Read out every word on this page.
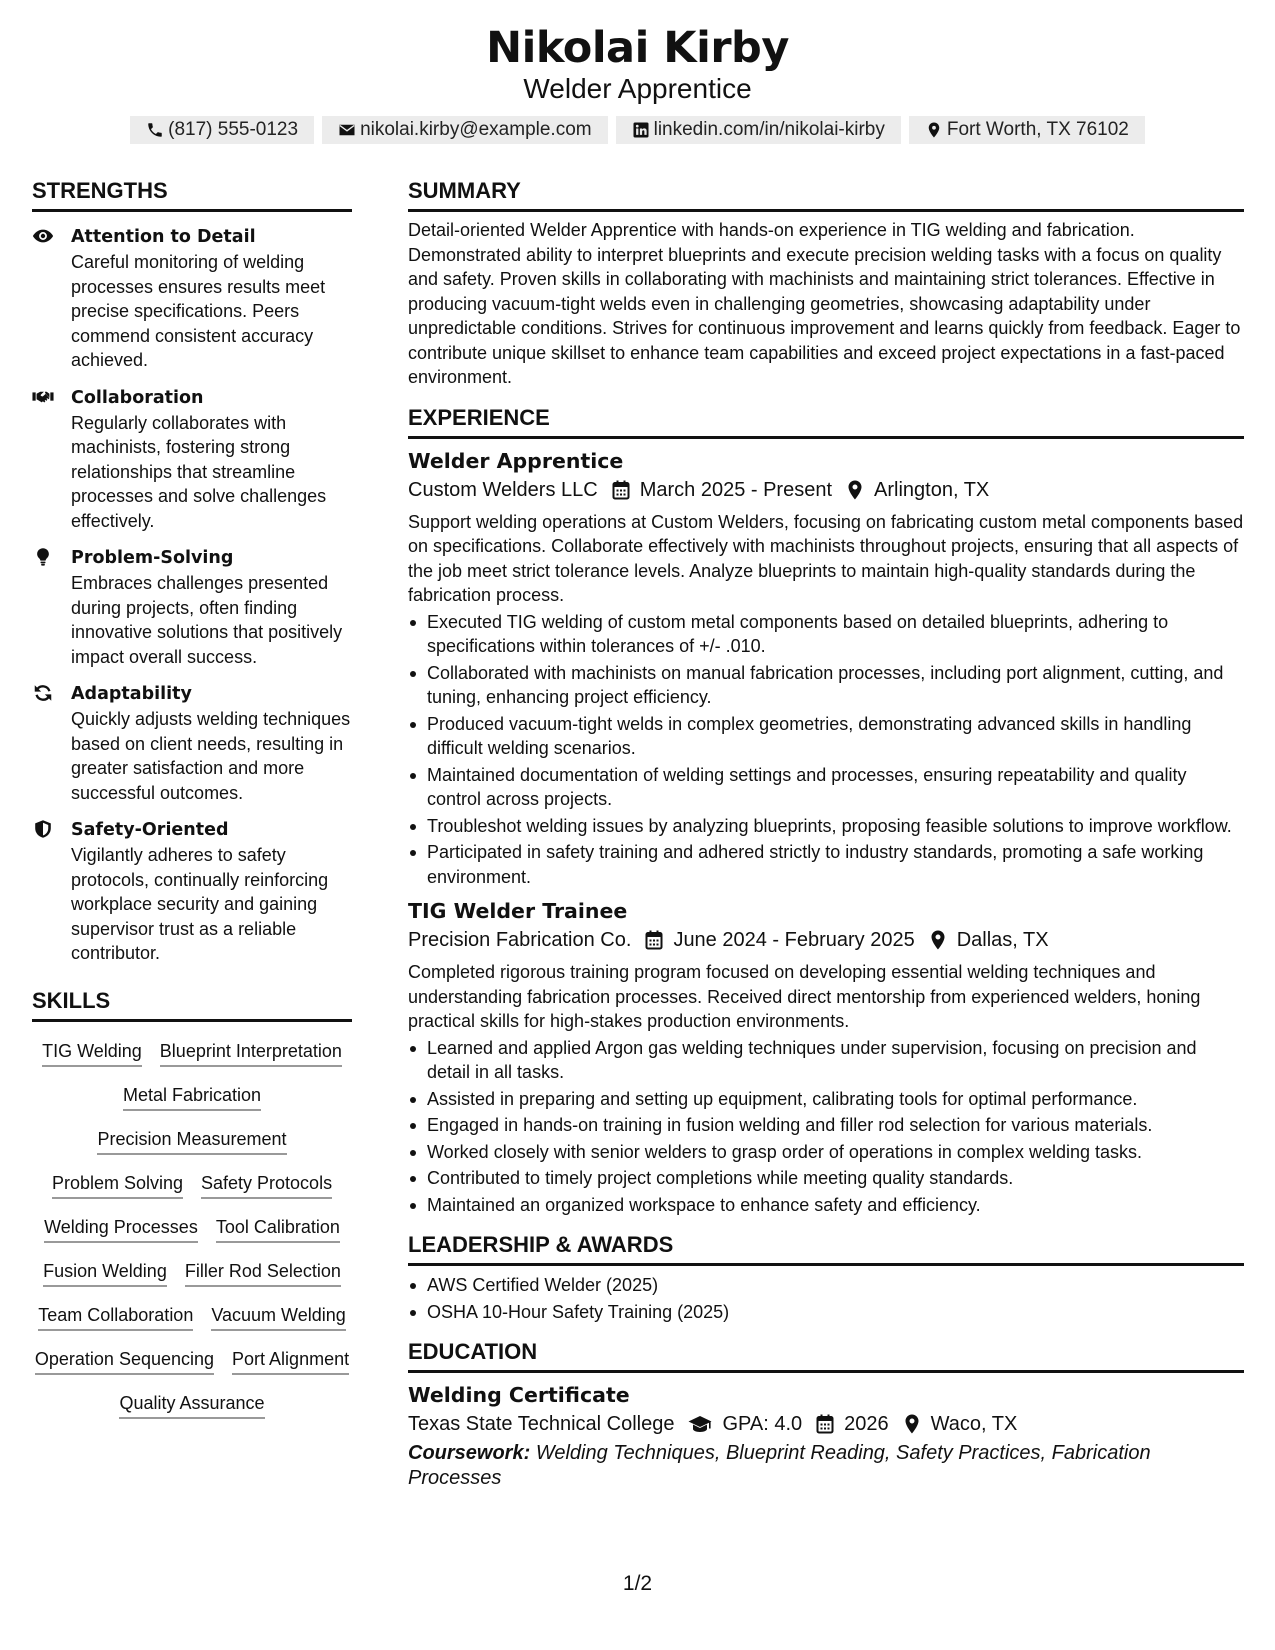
Nikolai Kirby
Welder Apprentice
(817) 555-0123	nikolai.kirby@example.com	linkedin.com/in/nikolai-kirby	Fort Worth, TX 76102
STRENGTHS
Attention to Detail
Careful monitoring of welding processes ensures results meet precise specifications. Peers commend consistent accuracy achieved.
Collaboration
Regularly collaborates with machinists, fostering strong relationships that streamline processes and solve challenges effectively.
Problem-Solving
Embraces challenges presented during projects, often finding innovative solutions that positively impact overall success.
Adaptability
Quickly adjusts welding techniques based on client needs, resulting in greater satisfaction and more successful outcomes.
Safety-Oriented
Vigilantly adheres to safety protocols, continually reinforcing workplace security and gaining supervisor trust as a reliable contributor.
SKILLS
TIG Welding Blueprint Interpretation
Metal Fabrication
Precision Measurement
Problem Solving Safety Protocols
Welding Processes Tool Calibration
Fusion Welding Filler Rod Selection
Team Collaboration Vacuum Welding
Operation Sequencing Port Alignment
Quality Assurance
SUMMARY
Detail-oriented Welder Apprentice with hands-on experience in TIG welding and fabrication. Demonstrated ability to interpret blueprints and execute precision welding tasks with a focus on quality and safety. Proven skills in collaborating with machinists and maintaining strict tolerances. Effective in producing vacuum-tight welds even in challenging geometries, showcasing adaptability under unpredictable conditions. Strives for continuous improvement and learns quickly from feedback. Eager to contribute unique skillset to enhance team capabilities and exceed project expectations in a fast-paced environment.
EXPERIENCE
Welder Apprentice
Custom Welders LLC March 2025 - Present Arlington, TX
Support welding operations at Custom Welders, focusing on fabricating custom metal components based on specifications. Collaborate effectively with machinists throughout projects, ensuring that all aspects of the job meet strict tolerance levels. Analyze blueprints to maintain high-quality standards during the fabrication process.
Executed TIG welding of custom metal components based on detailed blueprints, adhering to specifications within tolerances of +/- .010.
Collaborated with machinists on manual fabrication processes, including port alignment, cutting, and tuning, enhancing project efficiency.
Produced vacuum-tight welds in complex geometries, demonstrating advanced skills in handling difficult welding scenarios.
Maintained documentation of welding settings and processes, ensuring repeatability and quality control across projects.
Troubleshot welding issues by analyzing blueprints, proposing feasible solutions to improve workflow.
Participated in safety training and adhered strictly to industry standards, promoting a safe working environment.
TIG Welder Trainee
Precision Fabrication Co. June 2024 - February 2025 Dallas, TX
Completed rigorous training program focused on developing essential welding techniques and understanding fabrication processes. Received direct mentorship from experienced welders, honing practical skills for high-stakes production environments.
Learned and applied Argon gas welding techniques under supervision, focusing on precision and detail in all tasks.
Assisted in preparing and setting up equipment, calibrating tools for optimal performance.
Engaged in hands-on training in fusion welding and filler rod selection for various materials.
Worked closely with senior welders to grasp order of operations in complex welding tasks.
Contributed to timely project completions while meeting quality standards.
Maintained an organized workspace to enhance safety and efficiency.
LEADERSHIP & AWARDS
AWS Certified Welder (2025)
OSHA 10-Hour Safety Training (2025)
EDUCATION
Welding Certificate
Texas State Technical College GPA: 4.0 2026 Waco, TX
Coursework: Welding Techniques, Blueprint Reading, Safety Practices, Fabrication Processes
1/2
